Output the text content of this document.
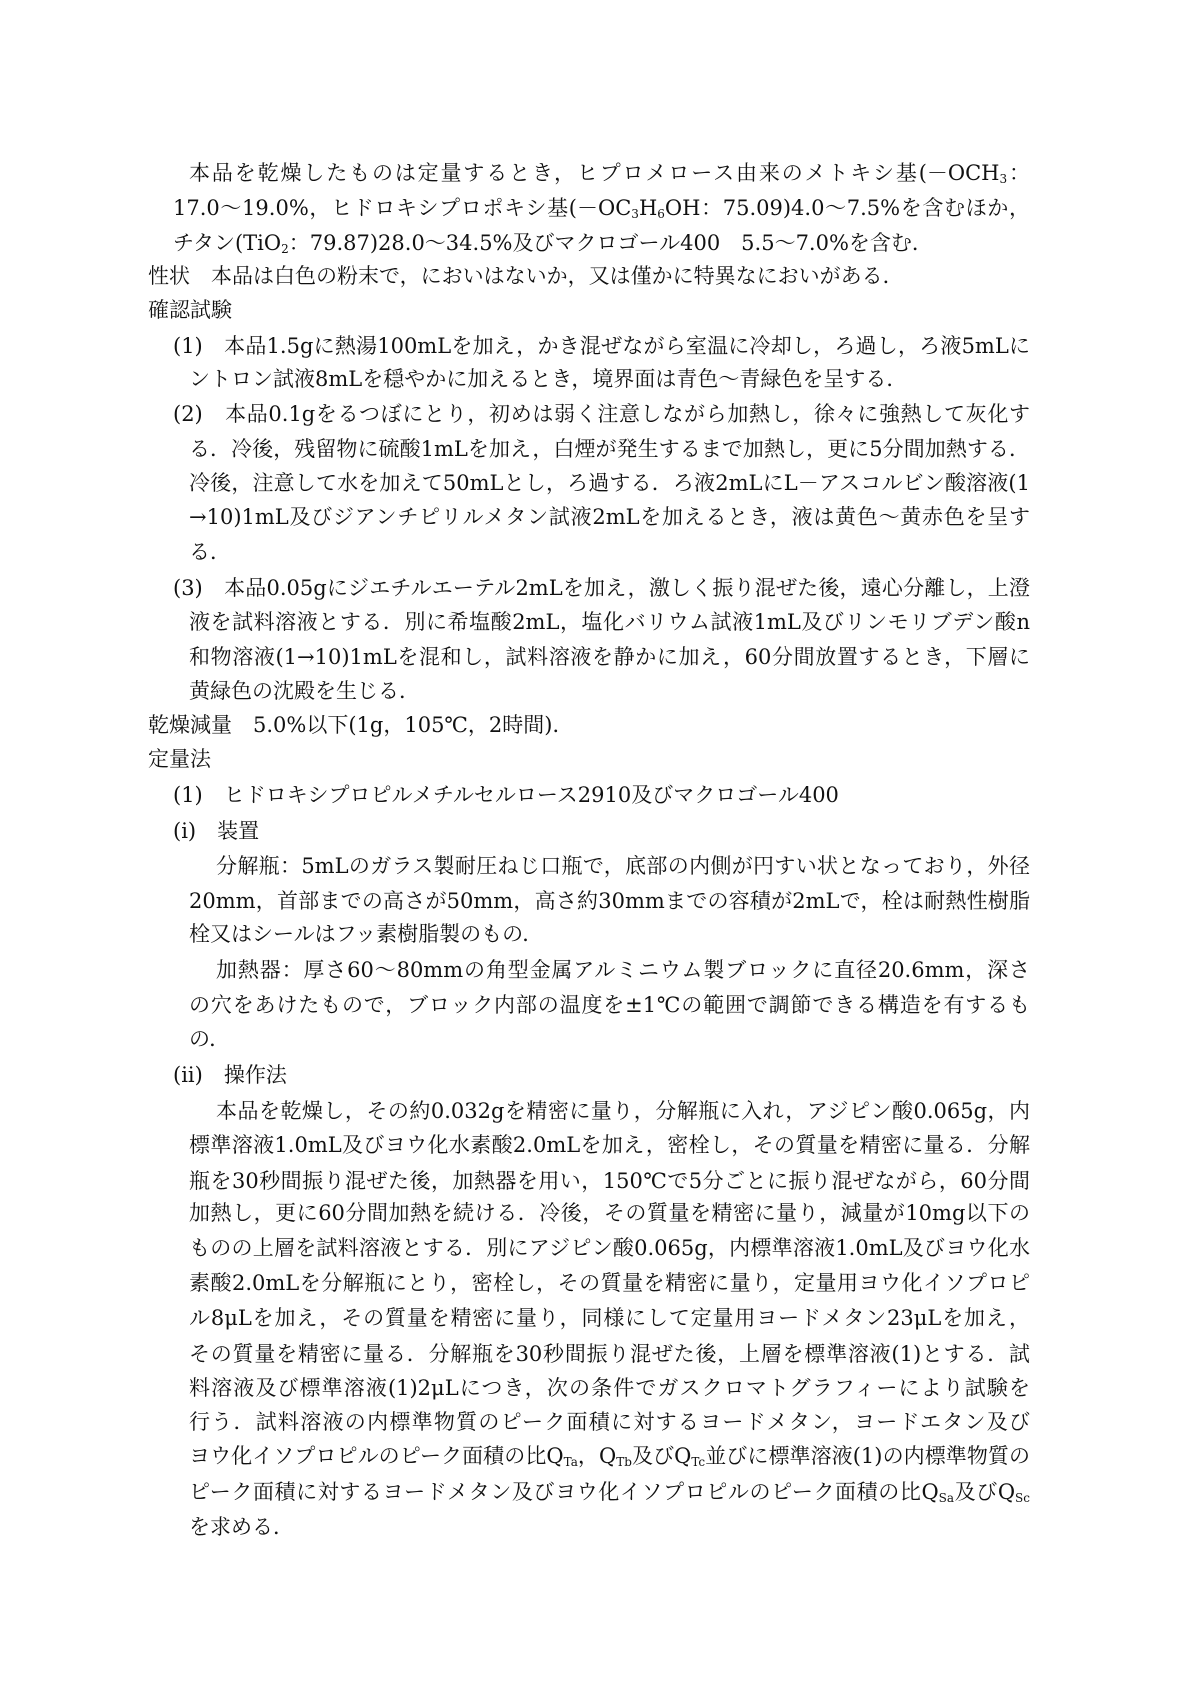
本品を乾燥したものは定量するとき，ヒプロメロース由来のメトキシ基($-OCH_3$：
17.0～19.0%，ヒドロキシプロポキシ基($-OC_3H_6OH$：75.09)4.0～7.5%を含むほか，
チタン(TiO$_2$：79.87)28.0～34.5%及びマクロゴール400　5.5～7.0%を含む．
性状　本品は白色の粉末で，においはないか，又は僅かに特異なにおいがある．
確認試験
(1)　本品1.5gに熱湯100mLを加え，かき混ぜながら室温に冷却し，ろ過し，ろ液5mLに
ントロン試液8mLを穏やかに加えるとき，境界面は青色～青緑色を呈する．
(2)　本品0.1gをるつぼにとり，初めは弱く注意しながら加熱し，徐々に強熱して灰化す
る．冷後，残留物に硫酸1mLを加え，白煙が発生するまで加熱し，更に5分間加熱する．
冷後，注意して水を加えて50mLとし，ろ過する．ろ液2mLにL－アスコルビン酸溶液(1
→10)1mL及びジアンチピリルメタン試液2mLを加えるとき，液は黄色～黄赤色を呈す
る．
(3)　本品0.05gにジエチルエーテル2mLを加え，激しく振り混ぜた後，遠心分離し，上澄
液を試料溶液とする．別に希塩酸2mL，塩化バリウム試液1mL及びリンモリブデン酸n
和物溶液(1→10)1mLを混和し，試料溶液を静かに加え，60分間放置するとき，下層に
黄緑色の沈殿を生じる．
乾燥減量　5.0%以下(1g，105℃，2時間)．
定量法
(1)　ヒドロキシプロピルメチルセルロース2910及びマクロゴール400
(i)　装置
分解瓶：5mLのガラス製耐圧ねじ口瓶で，底部の内側が円すい状となっており，外径
20mm，首部までの高さが50mm，高さ約30mmまでの容積が2mLで，栓は耐熱性樹脂
栓又はシールはフッ素樹脂製のもの．
加熱器：厚さ60～80mmの角型金属アルミニウム製ブロックに直径20.6mm，深さ
の穴をあけたもので，ブロック内部の温度を±1℃の範囲で調節できる構造を有するも
の．
(ii)　操作法
本品を乾燥し，その約0.032gを精密に量り，分解瓶に入れ，アジピン酸0.065g，内
標準溶液1.0mL及びヨウ化水素酸2.0mLを加え，密栓し，その質量を精密に量る．分解
瓶を30秒間振り混ぜた後，加熱器を用い，150℃で5分ごとに振り混ぜながら，60分間
加熱し，更に60分間加熱を続ける．冷後，その質量を精密に量り，減量が10mg以下の
ものの上層を試料溶液とする．別にアジピン酸0.065g，内標準溶液1.0mL及びヨウ化水
素酸2.0mLを分解瓶にとり，密栓し，その質量を精密に量り，定量用ヨウ化イソプロピ
ル8μLを加え，その質量を精密に量り，同様にして定量用ヨードメタン23μLを加え，
その質量を精密に量る．分解瓶を30秒間振り混ぜた後，上層を標準溶液(1)とする．試
料溶液及び標準溶液(1)2μLにつき，次の条件でガスクロマトグラフィーにより試験を
行う．試料溶液の内標準物質のピーク面積に対するヨードメタン，ヨードエタン及び
ヨウ化イソプロピルのピーク面積の比$Q_{Ta}$，$Q_{Tb}$及び$Q_{Tc}$並びに標準溶液(1)の内標準物質の
ピーク面積に対するヨードメタン及びヨウ化イソプロピルのピーク面積の比$Q_{Sa}$及び$Q_{Sc}$
を求める．
